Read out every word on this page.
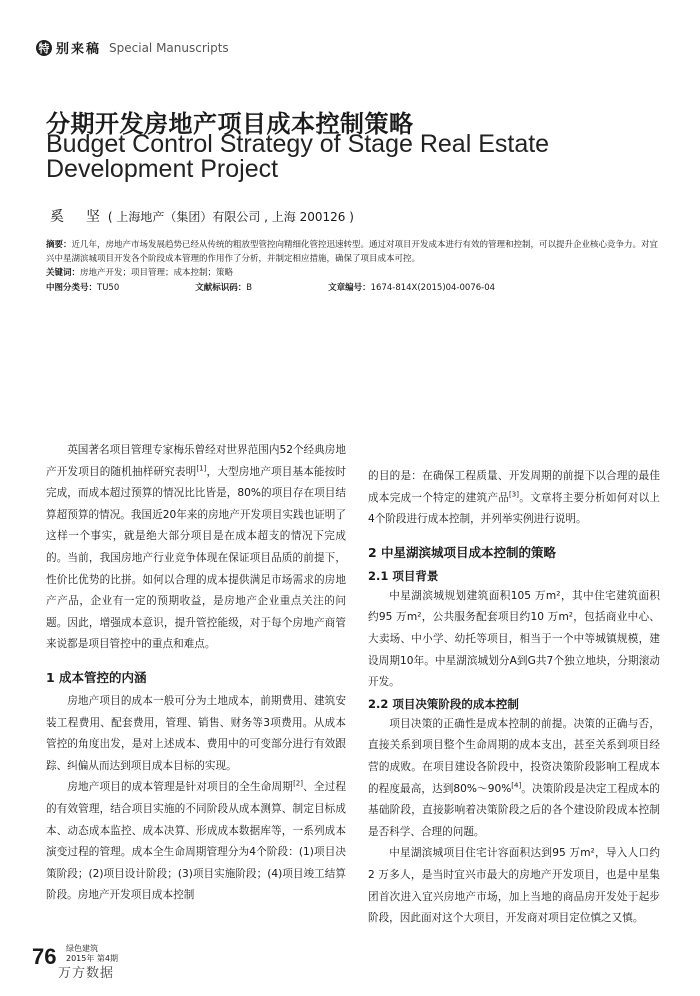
特 别来稿 Special Manuscripts
分期开发房地产项目成本控制策略
Budget Control Strategy of Stage Real Estate Development Project
奚　坚 ( 上海地产（集团）有限公司 , 上海 200126 )
摘要：近几年，房地产市场发展趋势已经从传统的粗放型管控向精细化管控迅速转型。通过对项目开发成本进行有效的管理和控制，可以提升企业核心竞争力。对宜兴中星湖滨城项目开发各个阶段成本管理的作用作了分析，并制定相应措施，确保了项目成本可控。
关键词：房地产开发；项目管理；成本控制；策略
中图分类号：TU50	文献标识码：B	文章编号：1674-814X(2015)04-0076-04

英国著名项目管理专家梅乐曾经对世界范围内52个经典房地产开发项目的随机抽样研究表明[1]，大型房地产项目基本能按时完成，而成本超过预算的情况比比皆是，80%的项目存在项目结算超预算的情况。我国近20年来的房地产开发项目实践也证明了这样一个事实，就是绝大部分项目是在成本超支的情况下完成的。当前，我国房地产行业竞争体现在保证项目品质的前提下，性价比优势的比拼。如何以合理的成本提供满足市场需求的房地产产品，企业有一定的预期收益，是房地产企业重点关注的问题。因此，增强成本意识，提升管控能级，对于每个房地产商管来说都是项目管控中的重点和难点。

1 成本管控的内涵

房地产项目的成本一般可分为土地成本，前期费用、建筑安装工程费用、配套费用，管理、销售、财务等3项费用。从成本管控的角度出发，是对上述成本、费用中的可变部分进行有效跟踪、纠偏从而达到项目成本目标的实现。

房地产项目的成本管理是针对项目的全生命周期[2]、全过程的有效管理，结合项目实施的不同阶段从成本测算、制定目标成本、动态成本监控、成本决算、形成成本数据库等，一系列成本演变过程的管理。成本全生命周期管理分为4个阶段：(1)项目决策阶段；(2)项目设计阶段；(3)项目实施阶段；(4)项目竣工结算阶段。房地产开发项目成本控制

的目的是：在确保工程质量、开发周期的前提下以合理的最佳成本完成一个特定的建筑产品[3]。文章将主要分析如何对以上4个阶段进行成本控制，并列举实例进行说明。

2 中星湖滨城项目成本控制的策略
2.1 项目背景

中星湖滨城规划建筑面积105 万m²，其中住宅建筑面积约95 万m²，公共服务配套项目约10 万m²，包括商业中心、大卖场、中小学、幼托等项目，相当于一个中等城镇规模，建设周期10年。中星湖滨城划分A到G共7个独立地块，分期滚动开发。

2.2 项目决策阶段的成本控制

项目决策的正确性是成本控制的前提。决策的正确与否，直接关系到项目整个生命周期的成本支出，甚至关系到项目经营的成败。在项目建设各阶段中，投资决策阶段影响工程成本的程度最高，达到80%～90%[4]。决策阶段是决定工程成本的基础阶段，直接影响着决策阶段之后的各个建设阶段成本控制是否科学、合理的问题。

中星湖滨城项目住宅计容面积达到95 万m²，导入人口约2 万多人，是当时宜兴市最大的房地产开发项目，也是中星集团首次进入宜兴房地产市场，加上当地的商品房开发处于起步阶段，因此面对这个大项目，开发商对项目定位慎之又慎。

76 绿色建筑
2015年 第4期
万方数据
